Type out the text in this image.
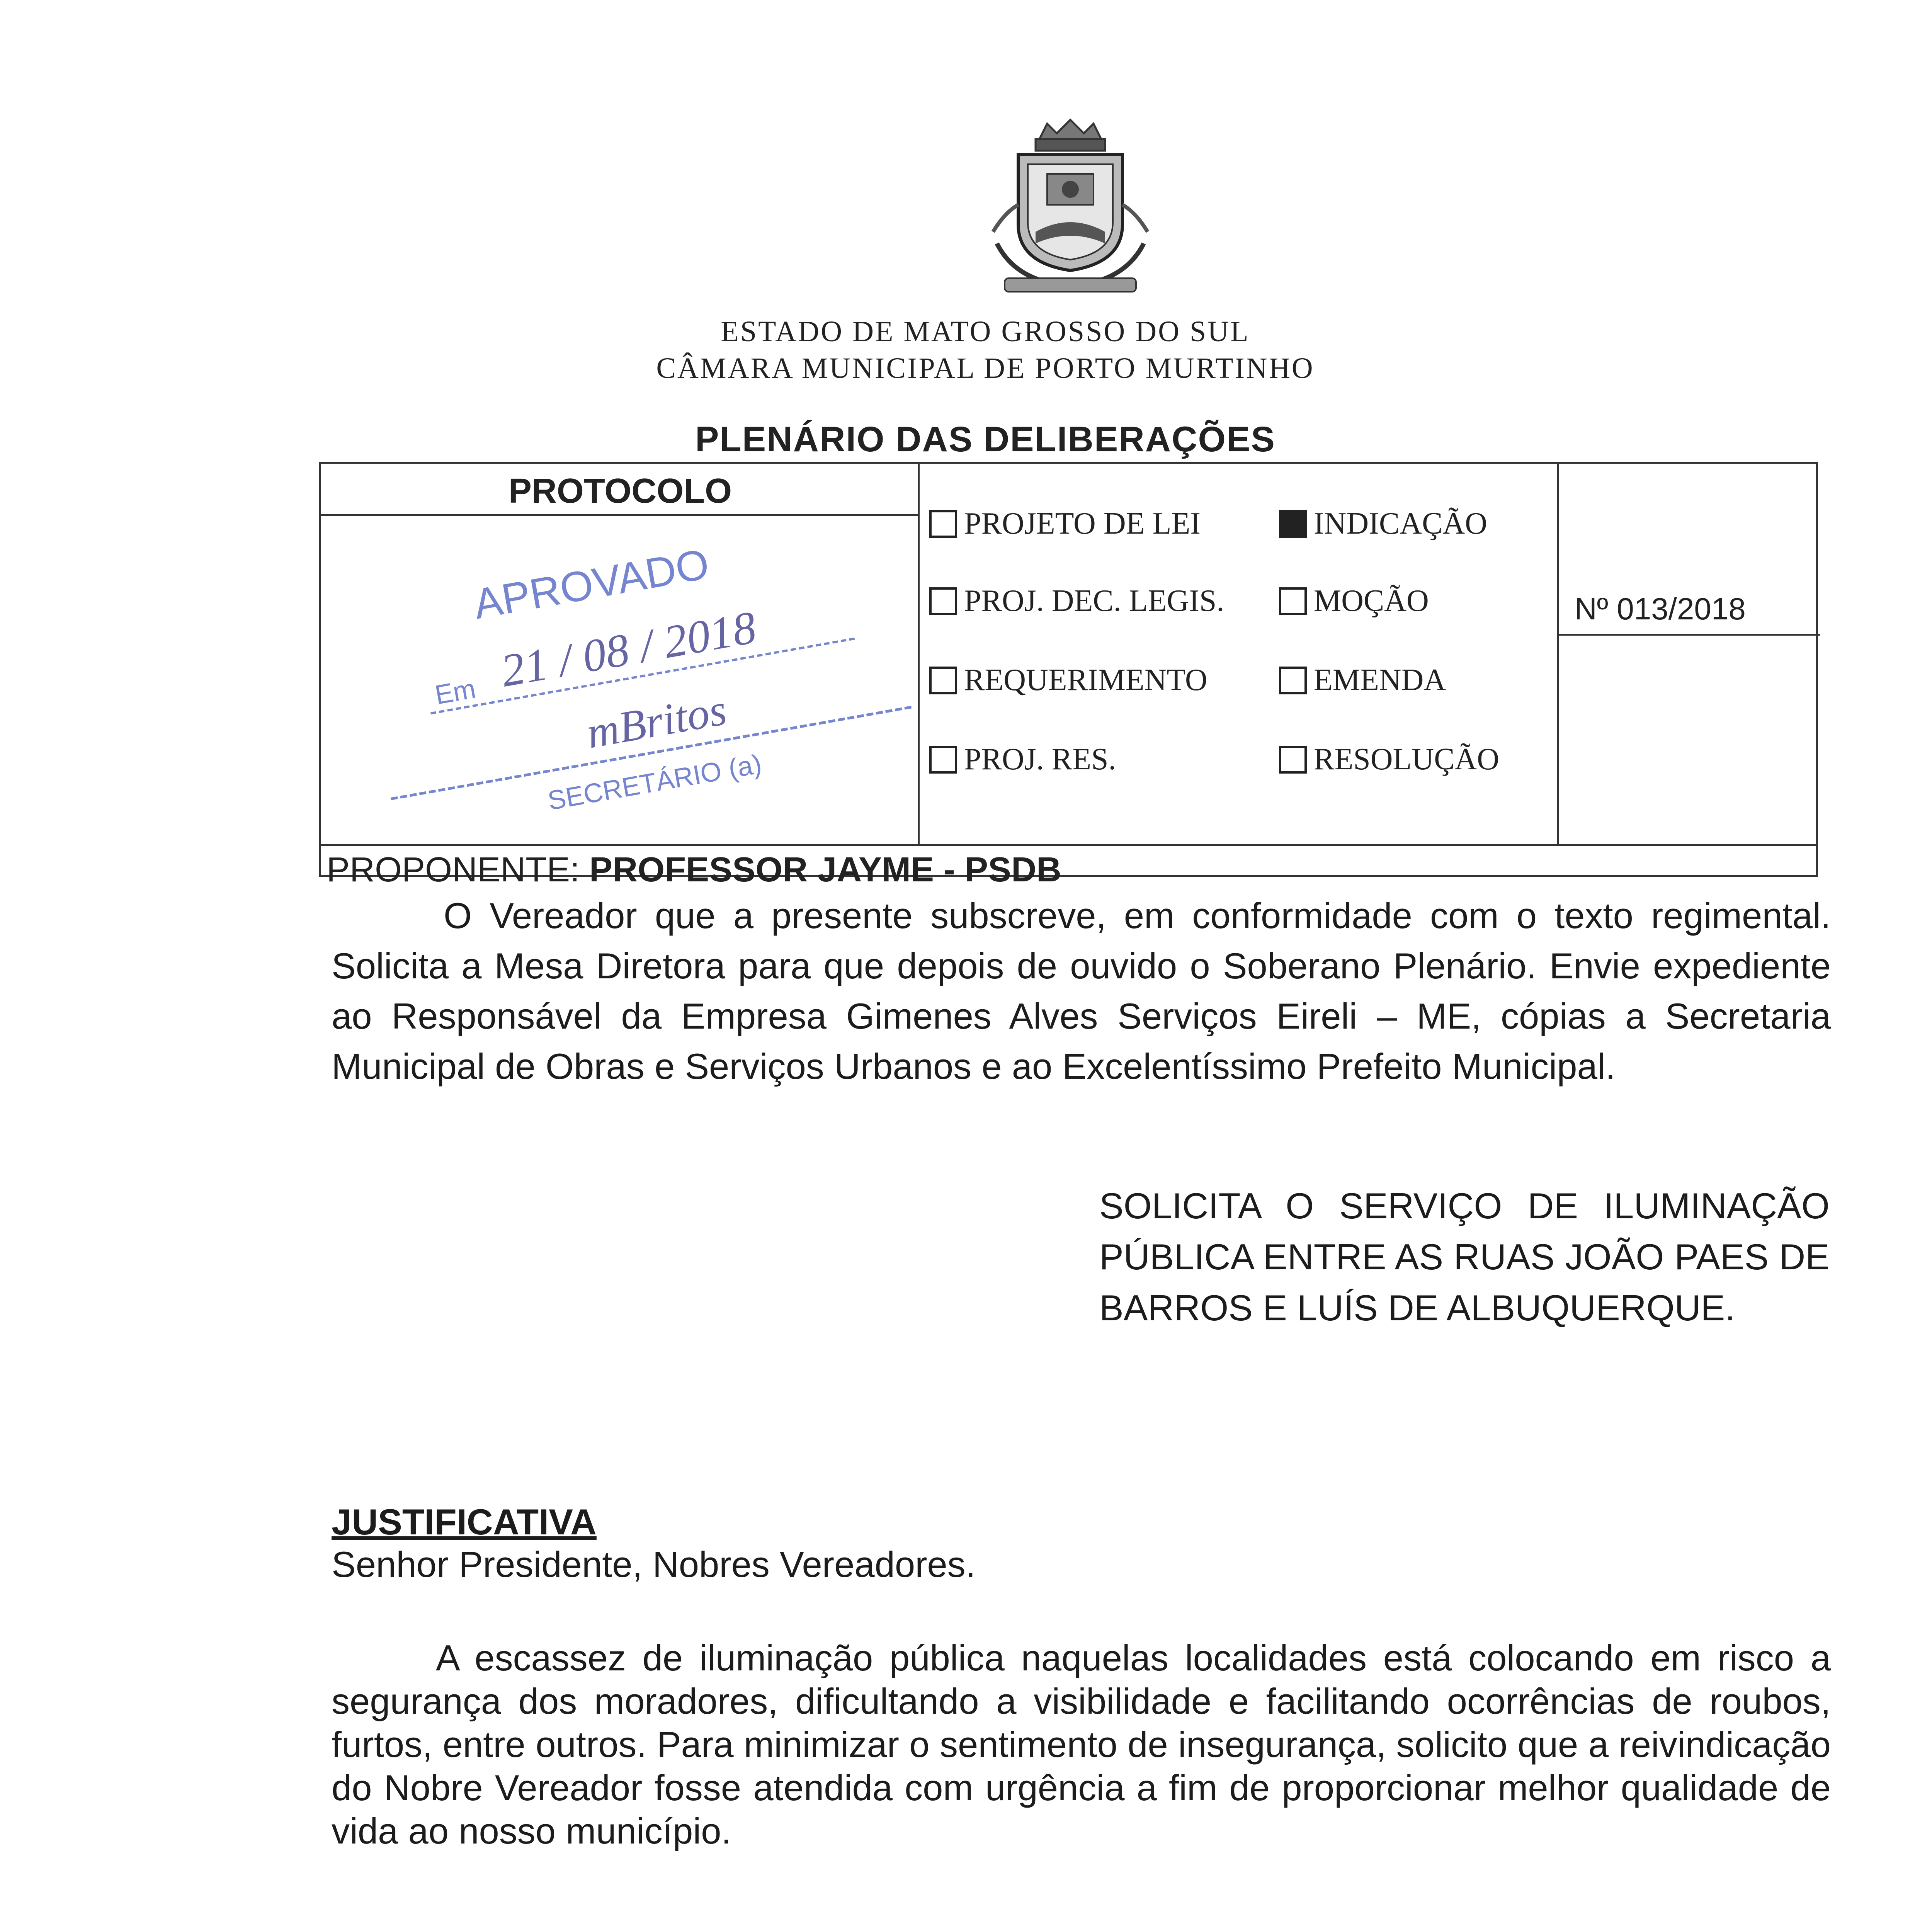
ESTADO DE MATO GROSSO DO SUL
CÂMARA MUNICIPAL DE PORTO MURTINHO
PLENÁRIO DAS DELIBERAÇÕES
PROTOCOLO
APROVADO
Em 21 / 08 / 2018
mBritos
SECRETÁRIO (a)
PROJETO DE LEI	INDICAÇÃO
PROJ. DEC. LEGIS.	MOÇÃO
REQUERIMENTO	EMENDA
PROJ. RES.	RESOLUÇÃO
Nº 013/2018
PROPONENTE: PROFESSOR JAYME - PSDB
O Vereador que a presente subscreve, em conformidade com o texto regimental. Solicita a Mesa Diretora para que depois de ouvido o Soberano Plenário. Envie expediente ao Responsável da Empresa Gimenes Alves Serviços Eireli – ME, cópias a Secretaria Municipal de Obras e Serviços Urbanos e ao Excelentíssimo Prefeito Municipal.
SOLICITA O SERVIÇO DE ILUMINAÇÃO PÚBLICA ENTRE AS RUAS JOÃO PAES DE BARROS E LUÍS DE ALBUQUERQUE.
JUSTIFICATIVA
Senhor Presidente, Nobres Vereadores.
A escassez de iluminação pública naquelas localidades está colocando em risco a segurança dos moradores, dificultando a visibilidade e facilitando ocorrências de roubos, furtos, entre outros. Para minimizar o sentimento de insegurança, solicito que a reivindicação do Nobre Vereador fosse atendida com urgência a fim de proporcionar melhor qualidade de vida ao nosso município.
